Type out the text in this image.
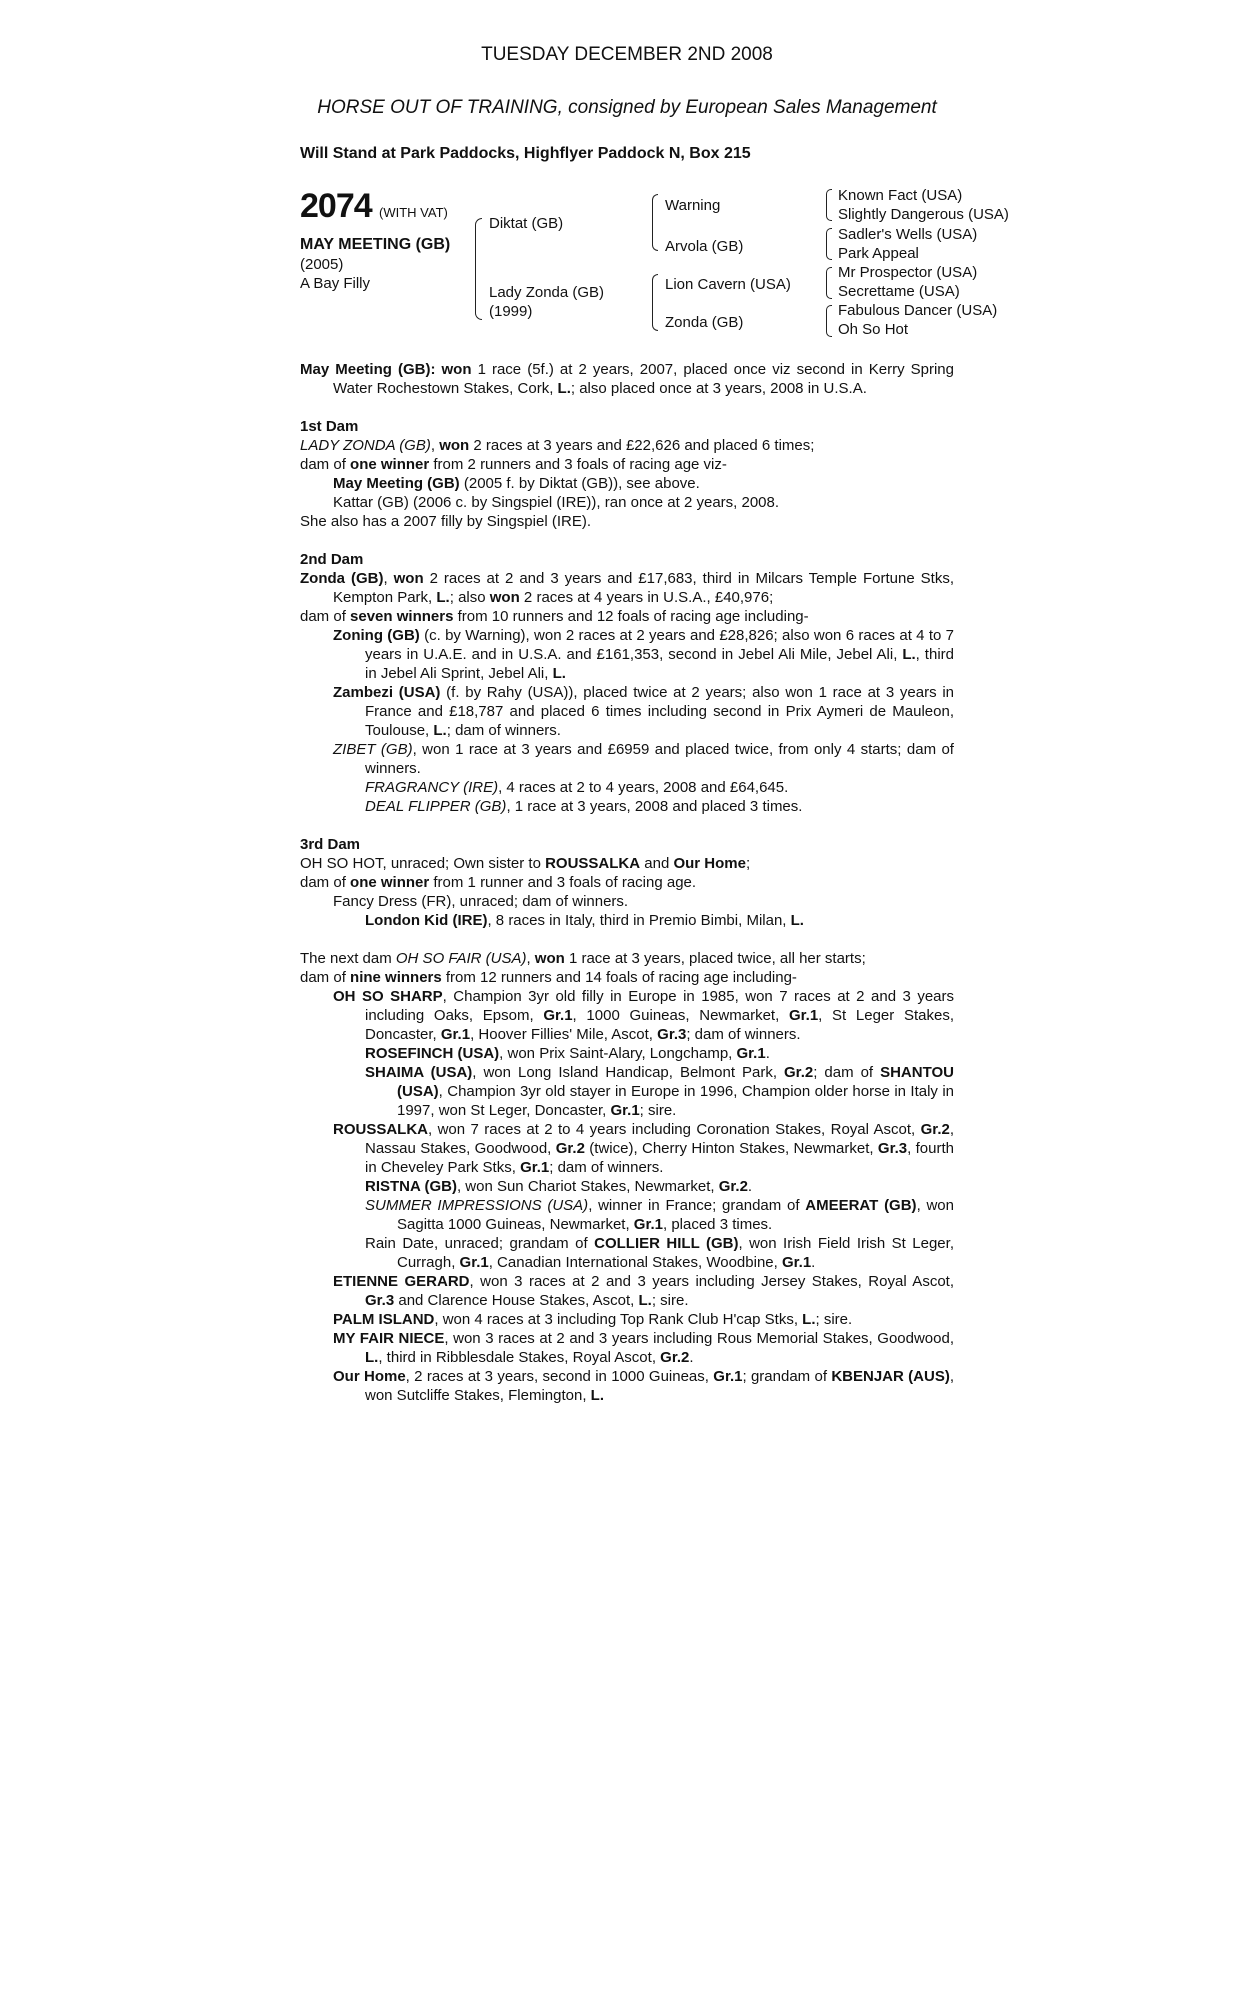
TUESDAY DECEMBER 2ND 2008
HORSE OUT OF TRAINING, consigned by European Sales Management
Will Stand at Park Paddocks, Highflyer Paddock N, Box 215
2074 (WITH VAT)
MAY MEETING (GB)
(2005)
A Bay Filly
Diktat (GB)
Lady Zonda (GB)
(1999)
Warning
Arvola (GB)
Lion Cavern (USA)
Zonda (GB)
Known Fact (USA)
Slightly Dangerous (USA)
Sadler's Wells (USA)
Park Appeal
Mr Prospector (USA)
Secrettame (USA)
Fabulous Dancer (USA)
Oh So Hot

May Meeting (GB): won 1 race (5f.) at 2 years, 2007, placed once viz second in Kerry Spring Water Rochestown Stakes, Cork, L.; also placed once at 3 years, 2008 in U.S.A.

1st Dam

LADY ZONDA (GB), won 2 races at 3 years and £22,626 and placed 6 times;

dam of one winner from 2 runners and 3 foals of racing age viz-

May Meeting (GB) (2005 f. by Diktat (GB)), see above.

Kattar (GB) (2006 c. by Singspiel (IRE)), ran once at 2 years, 2008.

She also has a 2007 filly by Singspiel (IRE).

2nd Dam

Zonda (GB), won 2 races at 2 and 3 years and £17,683, third in Milcars Temple Fortune Stks, Kempton Park, L.; also won 2 races at 4 years in U.S.A., £40,976;

dam of seven winners from 10 runners and 12 foals of racing age including-

Zoning (GB) (c. by Warning), won 2 races at 2 years and £28,826; also won 6 races at 4 to 7 years in U.A.E. and in U.S.A. and £161,353, second in Jebel Ali Mile, Jebel Ali, L., third in Jebel Ali Sprint, Jebel Ali, L.

Zambezi (USA) (f. by Rahy (USA)), placed twice at 2 years; also won 1 race at 3 years in France and £18,787 and placed 6 times including second in Prix Aymeri de Mauleon, Toulouse, L.; dam of winners.

ZIBET (GB), won 1 race at 3 years and £6959 and placed twice, from only 4 starts; dam of winners.

FRAGRANCY (IRE), 4 races at 2 to 4 years, 2008 and £64,645.

DEAL FLIPPER (GB), 1 race at 3 years, 2008 and placed 3 times.

3rd Dam

OH SO HOT, unraced; Own sister to ROUSSALKA and Our Home;

dam of one winner from 1 runner and 3 foals of racing age.

Fancy Dress (FR), unraced; dam of winners.

London Kid (IRE), 8 races in Italy, third in Premio Bimbi, Milan, L.

The next dam OH SO FAIR (USA), won 1 race at 3 years, placed twice, all her starts;

dam of nine winners from 12 runners and 14 foals of racing age including-

OH SO SHARP, Champion 3yr old filly in Europe in 1985, won 7 races at 2 and 3 years including Oaks, Epsom, Gr.1, 1000 Guineas, Newmarket, Gr.1, St Leger Stakes, Doncaster, Gr.1, Hoover Fillies' Mile, Ascot, Gr.3; dam of winners.

ROSEFINCH (USA), won Prix Saint-Alary, Longchamp, Gr.1.

SHAIMA (USA), won Long Island Handicap, Belmont Park, Gr.2; dam of SHANTOU (USA), Champion 3yr old stayer in Europe in 1996, Champion older horse in Italy in 1997, won St Leger, Doncaster, Gr.1; sire.

ROUSSALKA, won 7 races at 2 to 4 years including Coronation Stakes, Royal Ascot, Gr.2, Nassau Stakes, Goodwood, Gr.2 (twice), Cherry Hinton Stakes, Newmarket, Gr.3, fourth in Cheveley Park Stks, Gr.1; dam of winners.

RISTNA (GB), won Sun Chariot Stakes, Newmarket, Gr.2.

SUMMER IMPRESSIONS (USA), winner in France; grandam of AMEERAT (GB), won Sagitta 1000 Guineas, Newmarket, Gr.1, placed 3 times.

Rain Date, unraced; grandam of COLLIER HILL (GB), won Irish Field Irish St Leger, Curragh, Gr.1, Canadian International Stakes, Woodbine, Gr.1.

ETIENNE GERARD, won 3 races at 2 and 3 years including Jersey Stakes, Royal Ascot, Gr.3 and Clarence House Stakes, Ascot, L.; sire.

PALM ISLAND, won 4 races at 3 including Top Rank Club H'cap Stks, L.; sire.

MY FAIR NIECE, won 3 races at 2 and 3 years including Rous Memorial Stakes, Goodwood, L., third in Ribblesdale Stakes, Royal Ascot, Gr.2.

Our Home, 2 races at 3 years, second in 1000 Guineas, Gr.1; grandam of KBENJAR (AUS), won Sutcliffe Stakes, Flemington, L.
